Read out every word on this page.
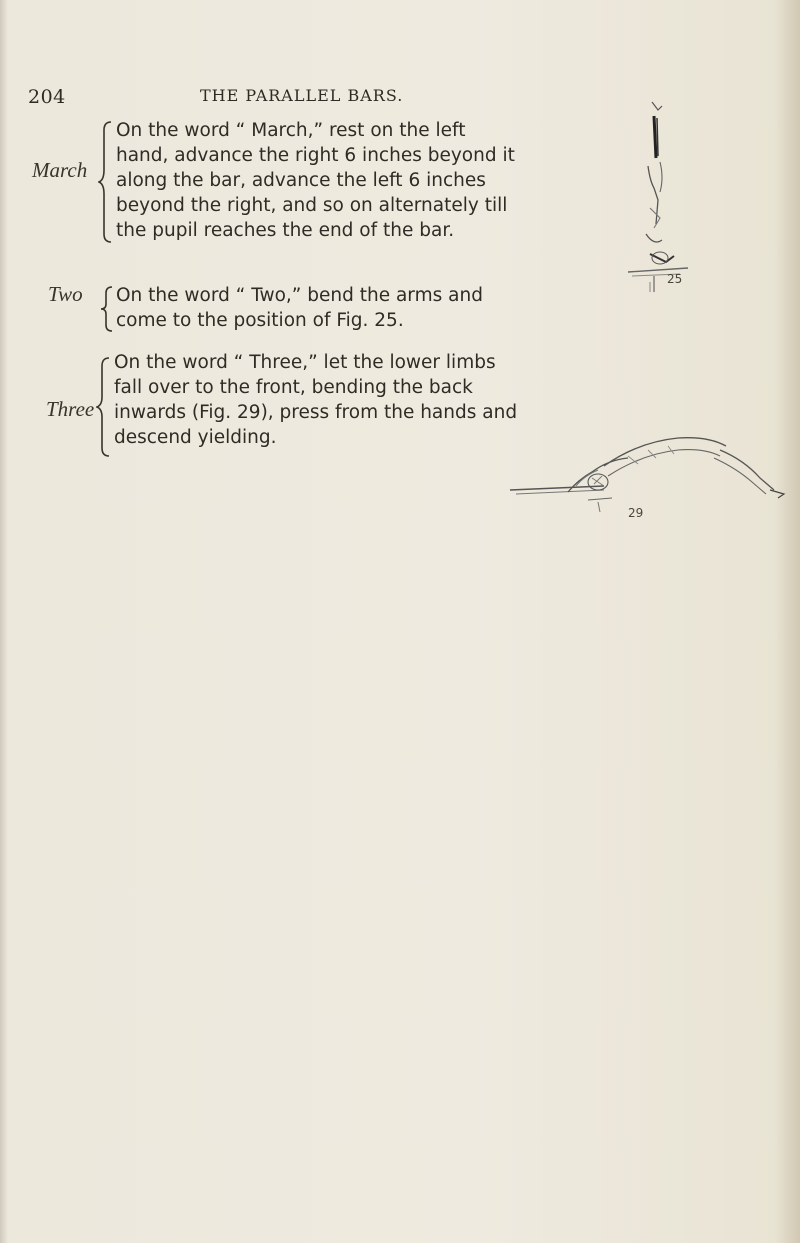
204	THE PARALLEL BARS.
March
On the word “ March,” rest on the left
hand, advance the right 6 inches beyond it
along the bar, advance the left 6 inches
beyond the right, and so on alternately till
the pupil reaches the end of the bar.
Two On the word “ Two,” bend the arms and
come to the position of Fig. 25.
Three
On the word “ Three,” let the lower limbs
fall over to the front, bending the back
inwards (Fig. 29), press from the hands and
descend yielding.
25
29
